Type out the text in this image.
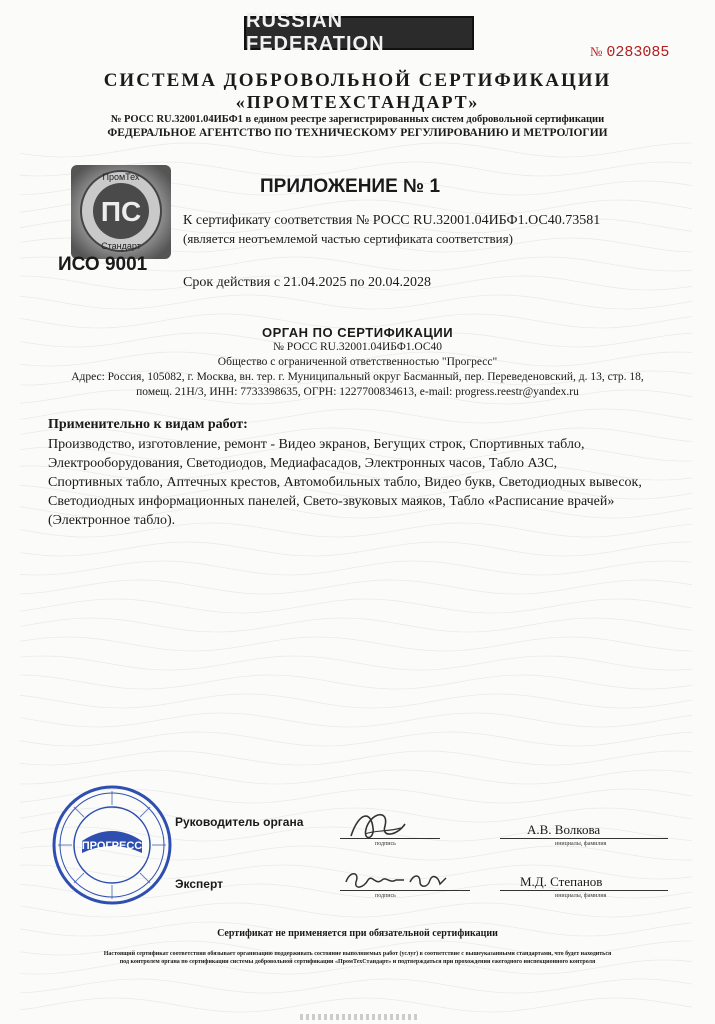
RUSSIAN FEDERATION	№ 0283085
СИСТЕМА ДОБРОВОЛЬНОЙ СЕРТИФИКАЦИИ
«ПРОМТЕХСТАНДАРТ»
№ РОСС RU.32001.04ИБФ1 в едином реестре зарегистрированных систем добровольной сертификации
ФЕДЕРАЛЬНОЕ АГЕНТСТВО ПО ТЕХНИЧЕСКОМУ РЕГУЛИРОВАНИЮ И МЕТРОЛОГИИ
ПС
ПромТех
Стандарт
ИСО 9001
ПРИЛОЖЕНИЕ № 1
К сертификату соответствия № РОСС RU.32001.04ИБФ1.ОС40.73581
(является неотъемлемой частью сертификата соответствия)
Срок действия с 21.04.2025 по 20.04.2028
ОРГАН ПО СЕРТИФИКАЦИИ
№ РОСС RU.32001.04ИБФ1.ОС40
Общество с ограниченной ответственностью "Прогресс"
Адрес: Россия, 105082, г. Москва, вн. тер. г. Муниципальный округ Басманный, пер. Переведеновский, д. 13, стр. 18,
помещ. 21Н/3, ИНН: 7733398635, ОГРН: 1227700834613, e-mail: progress.reestr@yandex.ru
Применительно к видам работ:
Производство, изготовление, ремонт - Видео экранов, Бегущих строк, Спортивных табло,
Электрооборудования, Светодиодов, Медиафасадов, Электронных часов, Табло АЗС,
Спортивных табло, Аптечных крестов, Автомобильных табло, Видео букв, Светодиодных вывесок,
Светодиодных информационных панелей, Свето-звуковых маяков, Табло «Расписание врачей»
(Электронное табло).
ПРОГРЕСС
Руководитель органа
подпись
А.В. Волкова
инициалы, фамилия
Эксперт
подпись
М.Д. Степанов
инициалы, фамилия
Сертификат не применяется при обязательной сертификации
Настоящий сертификат соответствия обязывает организацию поддерживать состояние выполняемых работ (услуг) в соответствие с вышеуказанными стандартами, что будет находиться
под контролем органа по сертификации системы добровольной сертификации «ПромТехСтандарт» и подтверждаться при прохождении ежегодного инспекционного контроля
